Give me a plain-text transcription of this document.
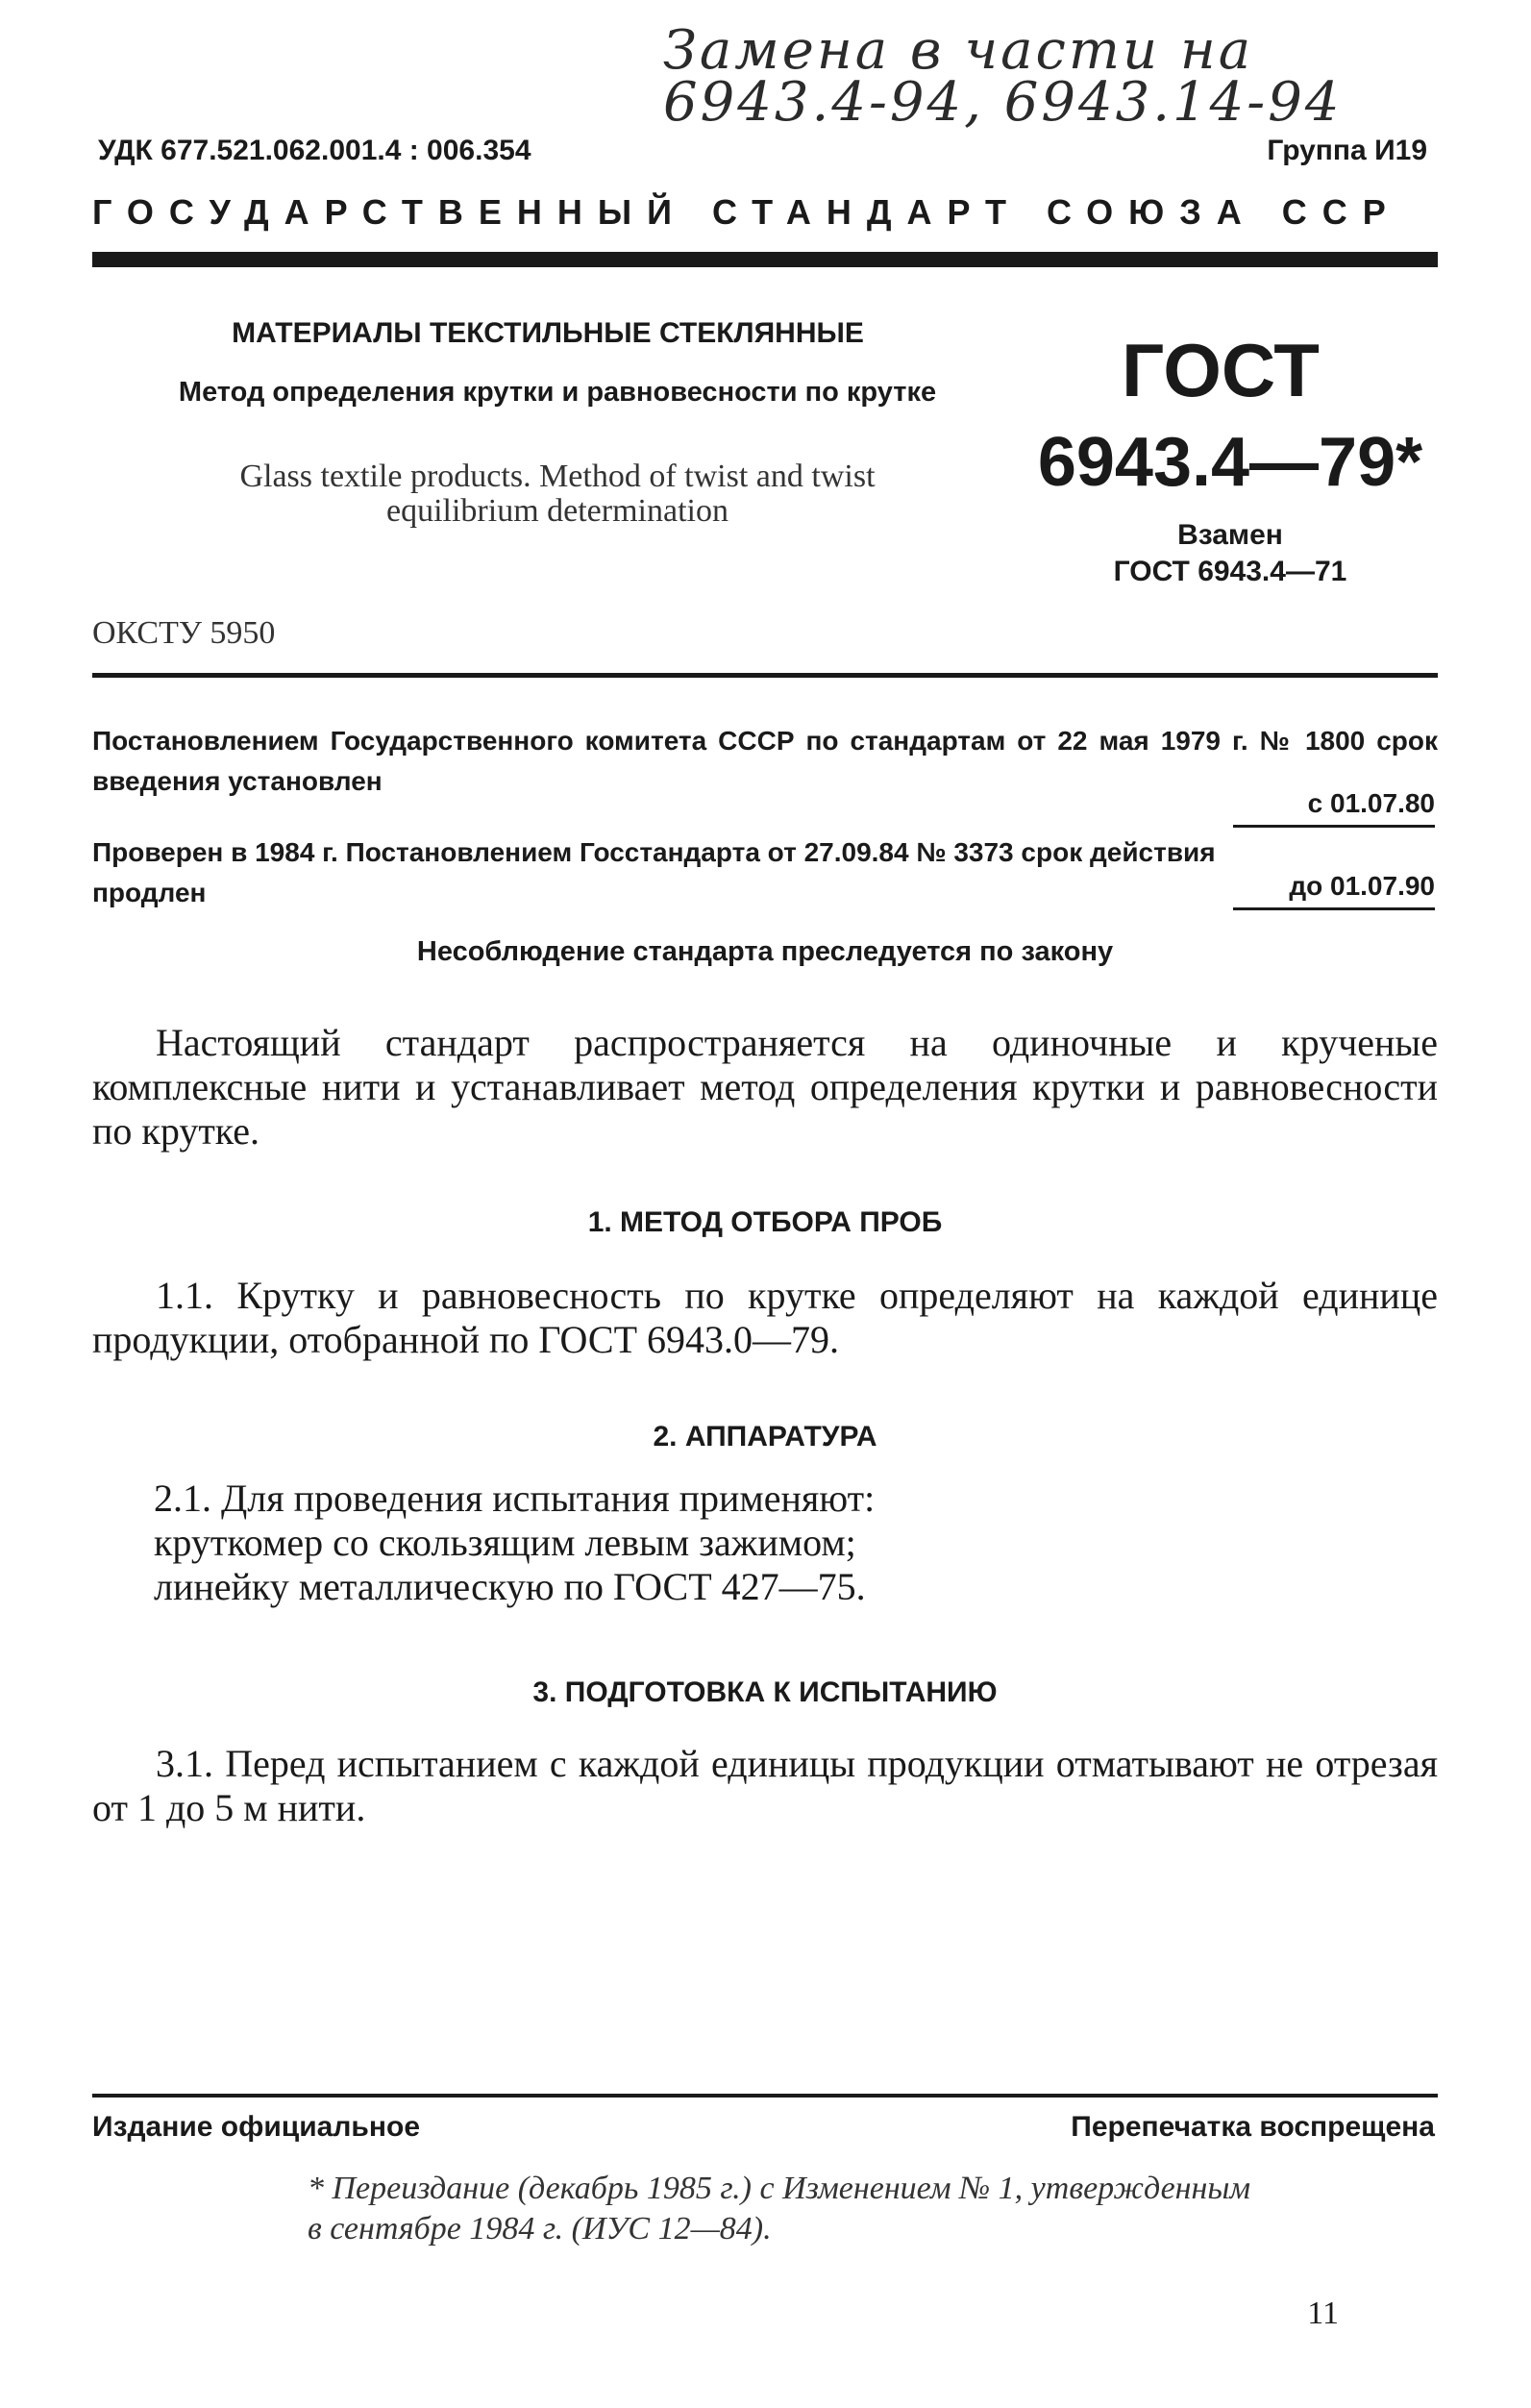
Замена в части на
6943.4-94, 6943.14-94
УДК 677.521.062.001.4 : 006.354	Группа И19
ГОСУДАРСТВЕННЫЙ СТАНДАРТ СОЮЗА ССР
МАТЕРИАЛЫ ТЕКСТИЛЬНЫЕ СТЕКЛЯННЫЕ
Метод определения крутки и равновесности по крутке
Glass textile products. Method of twist and twist equilibrium determination
ГОСТ
6943.4—79*
Взамен
ГОСТ 6943.4—71
ОКСТУ 5950
Постановлением Государственного комитета СССР по стандартам от 22 мая 1979 г. № 1800 срок введения установлен
с 01.07.80
Проверен в 1984 г. Постановлением Госстандарта от 27.09.84 № 3373 срок действия продлен	до 01.07.90
Несоблюдение стандарта преследуется по закону
Настоящий стандарт распространяется на одиночные и крученые комплексные нити и устанавливает метод определения крутки и равновесности по крутке.
1. МЕТОД ОТБОРА ПРОБ
1.1. Крутку и равновесность по крутке определяют на каждой единице продукции, отобранной по ГОСТ 6943.0—79.
2. АППАРАТУРА
2.1. Для проведения испытания применяют:
круткомер со скользящим левым зажимом;
линейку металлическую по ГОСТ 427—75.
3. ПОДГОТОВКА К ИСПЫТАНИЮ
3.1. Перед испытанием с каждой единицы продукции отматывают не отрезая от 1 до 5 м нити.
Издание официальное	Перепечатка воспрещена
* Переиздание (декабрь 1985 г.) с Изменением № 1, утвержденным в сентябре 1984 г. (ИУС 12—84).
11
